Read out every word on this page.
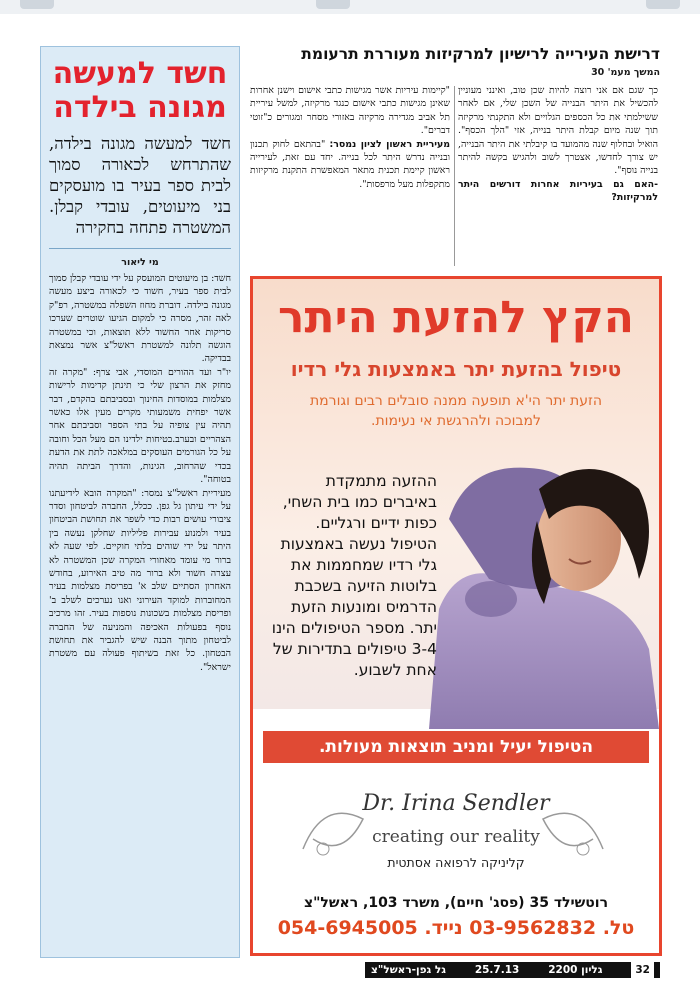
חשד למעשה מגונה בילדה
חשד למעשה מגונה בילדה, שהתרחש לכאורה סמוך לבית ספר בעיר בו מועסקים בני מיעוטים, עובדי קבלן. המשטרה פתחה בחקירה
מי ליאור

חשד: בן מיעוטים המועסק על ידי עובדי קבלן סמוך לבית ספר בעיר, חשוד כי לכאורה ביצע מעשה מגונה בילדה. דוברת מחוז השפלה במשטרה, רפ"ק לאה זהר, מסרה כי למקום הגיעו שוטרים שערכו סריקות אחר החשוד ללא תוצאות, וכי במשטרה הוגשה תלונה למשטרת ראשל"צ אשר נמצאת בבדיקה.

יו"ר ועד ההורים המוסדי, אבי צרף: "מקרה זה מחזק את הרצון שלי כי תינתן קדימות לרישות מצלמות במוסדות החינוך ובסביבתם בהקדם, דבר אשר יפחית משמעותי מקרים מעין אלו כאשר תהיה עין צופיה על בתי הספר וסביבתם אחר הצהריים ובערב.בטיחות ילדינו הם מעל הכל וחובה על כל הגורמים העוסקים במלאכה לתת את הדעת בכדי שהרחוב, הגינות, והדרך הביתה תהיה בטוחה".

מעיריית ראשל"צ נמסר: "המקרה הובא לידיעתנו על ידי עיתון גל גפן. ככלל, החברה לביטחון וסדר ציבורי עושים רבות כדי לשפר את תחושת הביטחון בעיר ולמנוע עבירות פליליות שחלקן נעשה בין היתר על ידי שוהים בלתי חוקיים. לפי שעה לא ברור מי עומד מאחורי המקרה שכן המשטרה לא עצרה חשוד ולא ברור מה טיב האירוע, בחודש האחרון הסתיים שלב א' בפריסת מצלמות בעיר המחוברות למוקד העירוני ואנו נערכים לשלב ב' ופריסת מצלמות בשכונות נוספות בעיר. זהו מרכיב נוסף בפעולות האכיפה והמניעה של החברה לביטחון מתוך הבנה שיש להגביר את תחושת הבטחון. כל זאת בשיתוף פעולה עם משטרת ישראל".

דרישת העירייה לרישיון למרקיזות מעוררת תרעומת
המשך מעמ' 30
כך שגם אם אני רוצה להיות שכן טוב, ואינני מעוניין להכשיל את היתר הבנייה של השכן שלי, אם לאחר ששילמתי את כל הכספים הגלויים ולא התקנתי מרקיזה תוך שנה מיום קבלת היתר בנייה, אזי "הלך הכסף". הואיל ובחלוף שנה מהמועד בו קיבלתי את היתר הבנייה, יש צורך לחדשו, אצטרך לשוב ולהגיש בקשה להיתר בנייה נוסף".
-האם גם בעיריות אחרות דורשים היתר למרקיזות?
"קיימות עיריות אשר מגישות כתבי אישום וישנן אחרות שאינן מגישות כתבי אישום כנגד מרקיזה, למשל עיריית תל אביב מגדירה מרקיזה באזורי מסחר ומגורים כ"זוטי דברים".
מעיריית ראשון לציון נמסר: "בהתאם לחוק תכנון ובנייה נדרש היתר לכל בנייה. יחד עם זאת, לעירייה ראשון קיימת תכנית מתאר המאפשרת התקנת מרקיזות מתקפלות מעל מרפסות".
הקץ להזעת היתר
טיפול בהזעת יתר באמצעות גלי רדיו
הזעת יתר הי'א תופעה ממנה סובלים רבים וגורמת
למבוכה ולהרגשת אי נעימות.
ההזעה מתמקדת באיברים כמו בית השחי, כפות ידיים ורגליים. הטיפול נעשה באמצעות גלי רדיו שמחממות את בלוטות הזיעה בשכבת הדרמיס ומונעות הזעת יתר. מספר הטיפולים הינו 3-4 טיפולים בתדירות של אחת לשבוע.
הטיפול יעיל ומניב תוצאות מעולות.
Dr. Irina Sendler
creating our reality
קליניקה לרפואה אסתטית
רוטשילד 35 (פסג' חיים), משרד 103, ראשל"צ
טל. 03-9562832 נייד. 054-6945005
32
גליון 2200
25.7.13
גל גפן-ראשל"צ
